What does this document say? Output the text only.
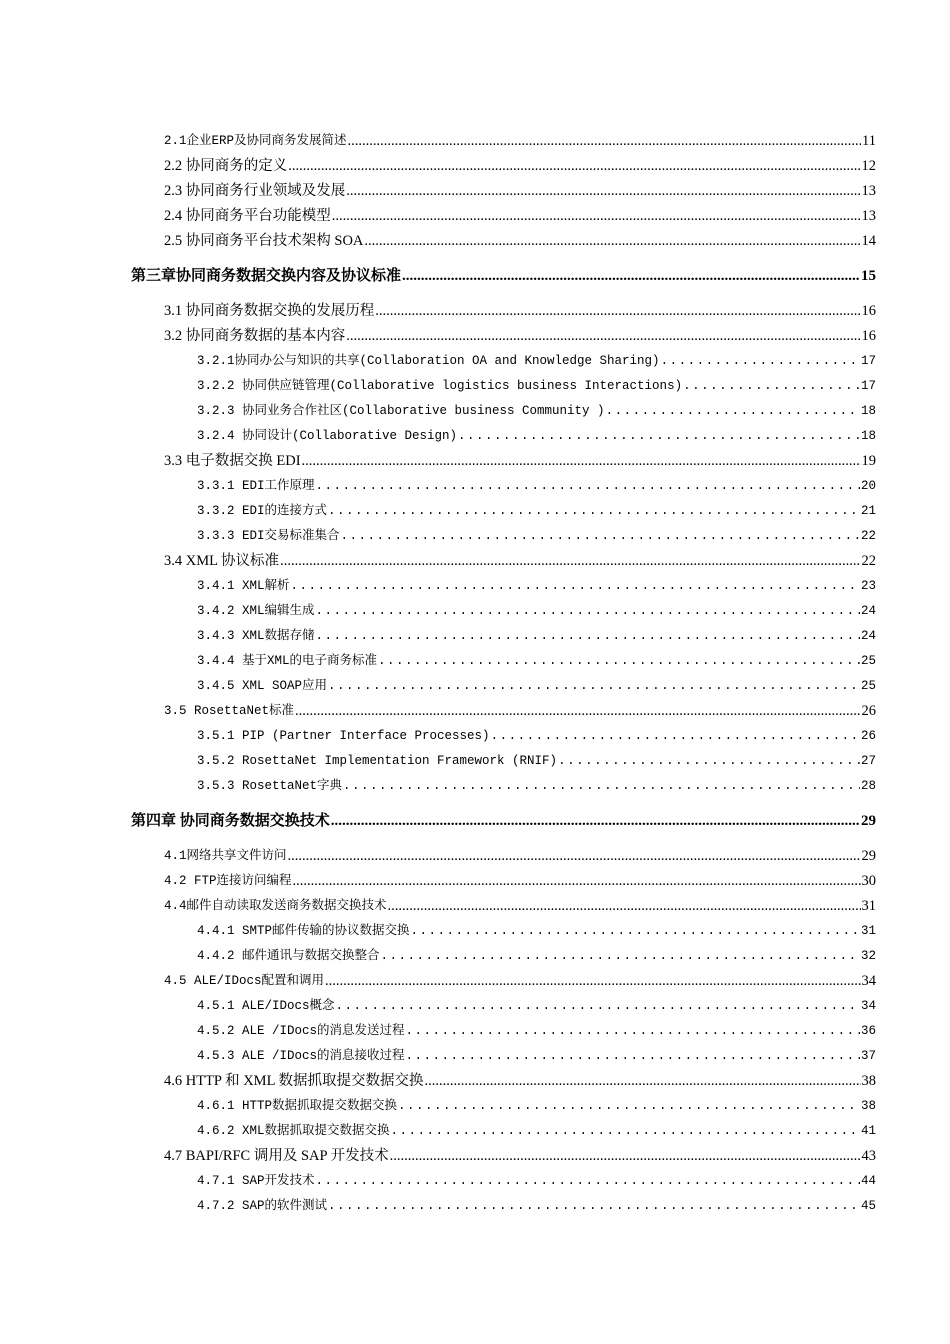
2.1企业ERP及协同商务发展简述 .....	11
2.2 协同商务的定义 .....	12
2.3 协同商务行业领域及发展 .....	13
2.4 协同商务平台功能模型 .....	13
2.5 协同商务平台技术架构 SOA .....	14
第三章协同商务数据交换内容及协议标准 .....	15
3.1 协同商务数据交换的发展历程 .....	16
3.2 协同商务数据的基本内容 .....	16
3.2.1协同办公与知识的共享(Collaboration OA and Knowledge Sharing) .....	17
3.2.2 协同供应链管理(Collaborative logistics business Interactions) .....	17
3.2.3 协同业务合作社区(Collaborative business Community ) .....	18
3.2.4 协同设计(Collaborative Design) .....	18
3.3 电子数据交换 EDI .....	19
3.3.1 EDI工作原理 .....	20
3.3.2 EDI的连接方式 .....	21
3.3.3 EDI交易标准集合 .....	22
3.4 XML 协议标准 .....	22
3.4.1 XML解析 .....	23
3.4.2 XML编辑生成 .....	24
3.4.3 XML数据存储 .....	24
3.4.4 基于XML的电子商务标准 .....	25
3.4.5 XML SOAP应用 .....	25
3.5 RosettaNet标准 .....	26
3.5.1 PIP (Partner Interface Processes) .....	26
3.5.2 RosettaNet Implementation Framework (RNIF) .....	27
3.5.3 RosettaNet字典 .....	28
第四章 协同商务数据交换技术 .....	29
4.1网络共享文件访问 .....	29
4.2 FTP连接访问编程 .....	30
4.4邮件自动读取发送商务数据交换技术 .....	31
4.4.1 SMTP邮件传输的协议数据交换 .....	31
4.4.2 邮件通讯与数据交换整合 .....	32
4.5 ALE/IDocs配置和调用 .....	34
4.5.1 ALE/IDocs概念 .....	34
4.5.2 ALE /IDocs的消息发送过程 .....	36
4.5.3 ALE /IDocs的消息接收过程 .....	37
4.6 HTTP 和 XML 数据抓取提交数据交换 .....	38
4.6.1 HTTP数据抓取提交数据交换 .....	38
4.6.2 XML数据抓取提交数据交换 .....	41
4.7 BAPI/RFC 调用及 SAP 开发技术 .....	43
4.7.1 SAP开发技术 .....	44
4.7.2 SAP的软件测试 .....	45
